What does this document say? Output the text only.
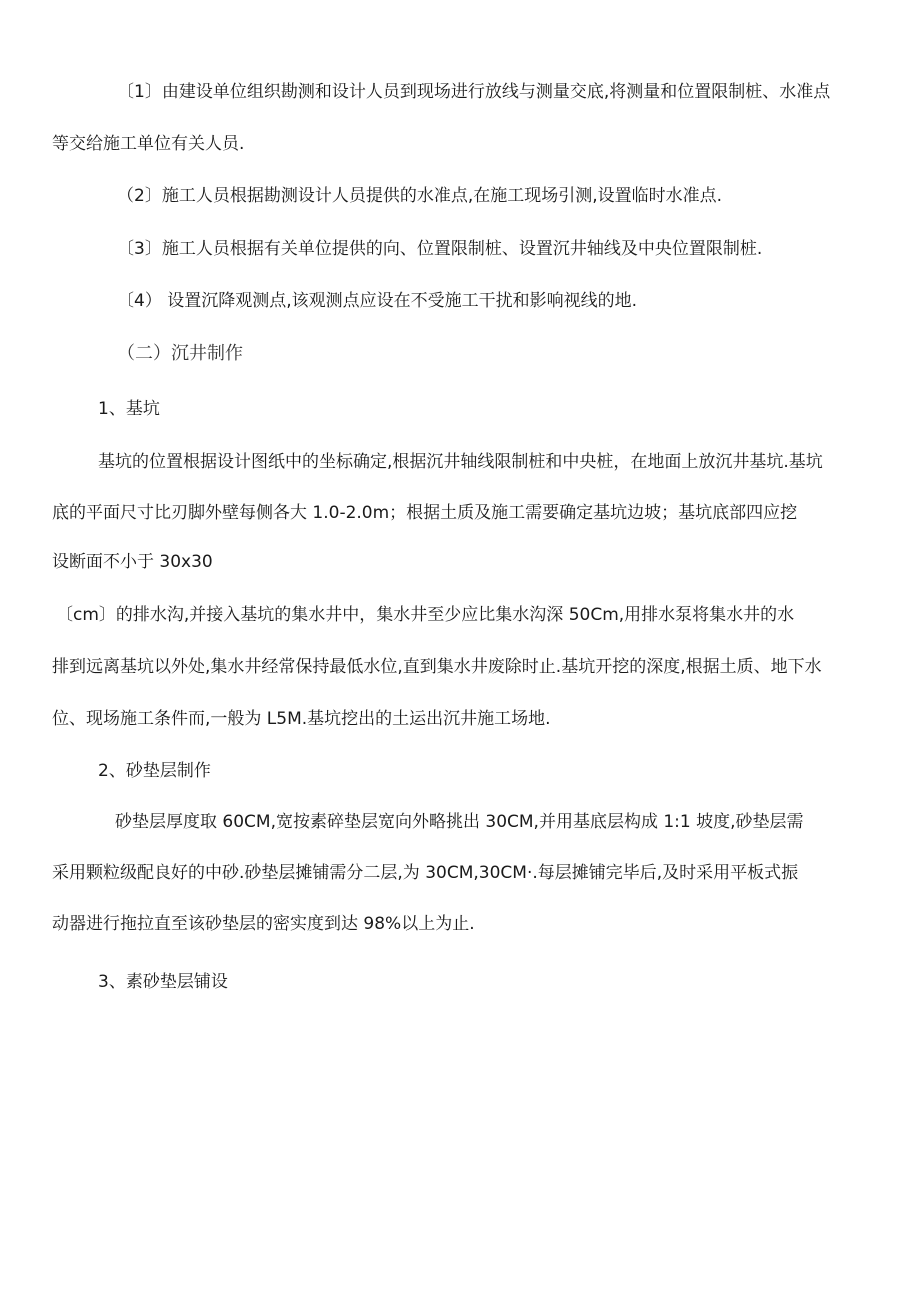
〔1〕由建设单位组织勘测和设计人员到现场进行放线与测量交底,将测量和位置限制桩、水准点
等交给施工单位有关人员.
（2〕施工人员根据勘测设计人员提供的水准点,在施工现场引测,设置临时水准点.
〔3〕施工人员根据有关单位提供的向、位置限制桩、设置沉井轴线及中央位置限制桩.
〔4） 设置沉降观测点,该观测点应设在不受施工干扰和影响视线的地.
（二）沉井制作
1、基坑
基坑的位置根据设计图纸中的坐标确定,根据沉井轴线限制桩和中央桩，在地面上放沉井基坑.基坑
底的平面尺寸比刃脚外壁每侧各大 1.0-2.0m；根据土质及施工需要确定基坑边坡；基坑底部四应挖
设断面不小于 30x30
〔cm〕的排水沟,并接入基坑的集水井中，集水井至少应比集水沟深 50Cm,用排水泵将集水井的水
排到远离基坑以外处,集水井经常保持最低水位,直到集水井废除时止.基坑开挖的深度,根据土质、地下水
位、现场施工条件而,一般为 L5M.基坑挖出的土运出沉井施工场地.
2、砂垫层制作
砂垫层厚度取 60CM,宽按素碎垫层宽向外略挑出 30CM,并用基底层构成 1:1 坡度,砂垫层需
采用颗粒级配良好的中砂.砂垫层摊铺需分二层,为 30CM,30CM·.每层摊铺完毕后,及时采用平板式振
动器进行拖拉直至该砂垫层的密实度到达 98%以上为止.
3、素砂垫层铺设
